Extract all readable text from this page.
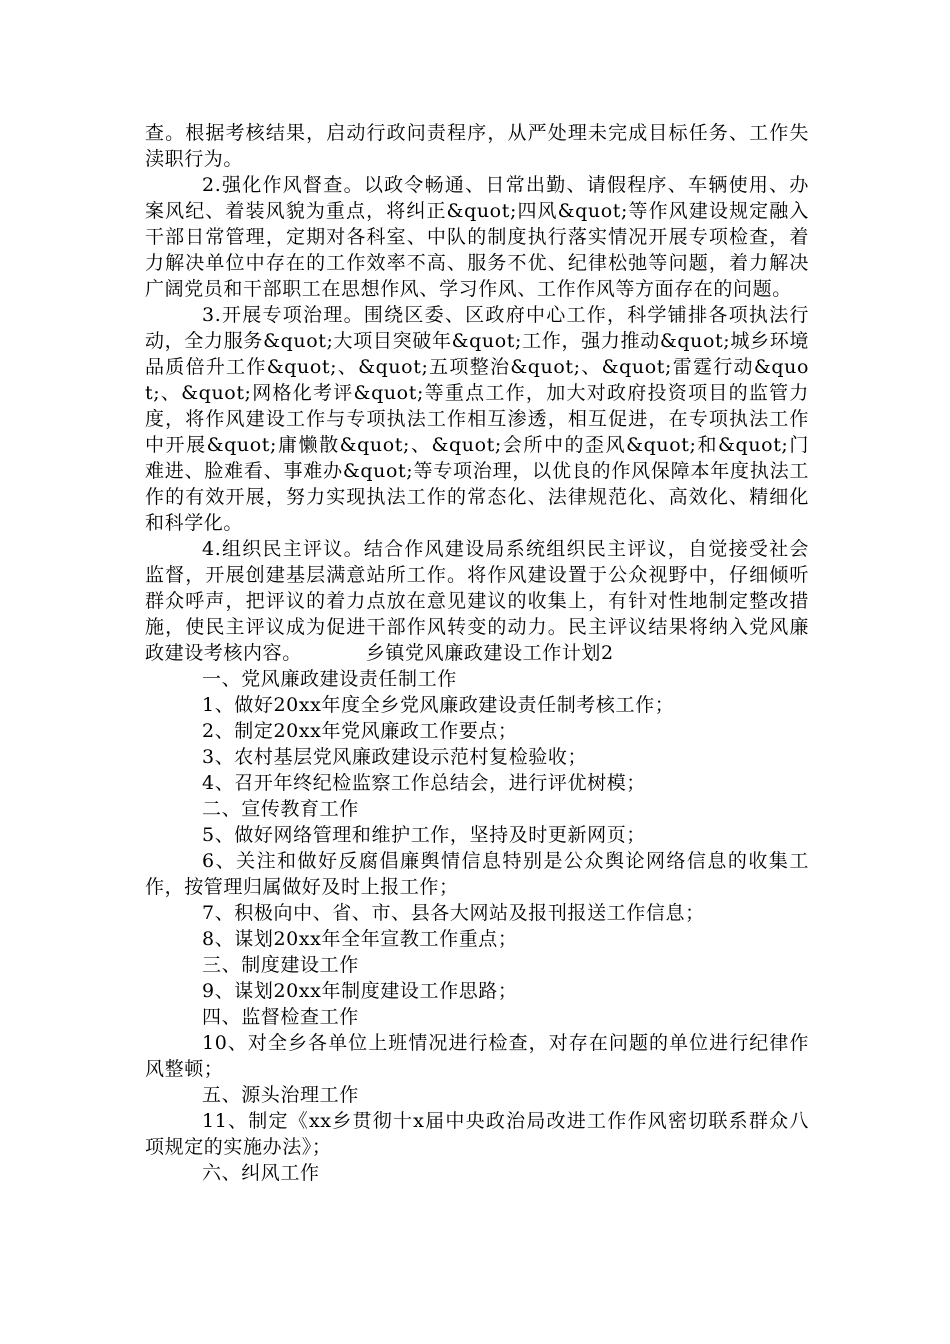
查。根据考核结果，启动行政问责程序，从严处理未完成目标任务、工作失渎职行为。

2.强化作风督查。以政令畅通、日常出勤、请假程序、车辆使用、办案风纪、着装风貌为重点，将纠正&quot;四风&quot;等作风建设规定融入干部日常管理，定期对各科室、中队的制度执行落实情况开展专项检查，着力解决单位中存在的工作效率不高、服务不优、纪律松弛等问题，着力解决广阔党员和干部职工在思想作风、学习作风、工作作风等方面存在的问题。

3.开展专项治理。围绕区委、区政府中心工作，科学铺排各项执法行动，全力服务&quot;大项目突破年&quot;工作，强力推动&quot;城乡环境品质倍升工作&quot;、&quot;五项整治&quot;、&quot;雷霆行动&quot;、&quot;网格化考评&quot;等重点工作，加大对政府投资项目的监管力度，将作风建设工作与专项执法工作相互渗透，相互促进，在专项执法工作中开展&quot;庸懒散&quot;、&quot;会所中的歪风&quot;和&quot;门难进、脸难看、事难办&quot;等专项治理，以优良的作风保障本年度执法工作的有效开展，努力实现执法工作的常态化、法律规范化、高效化、精细化和科学化。

4.组织民主评议。结合作风建设局系统组织民主评议，自觉接受社会监督，开展创建基层满意站所工作。将作风建设置于公众视野中，仔细倾听群众呼声，把评议的着力点放在意见建议的收集上，有针对性地制定整改措施，使民主评议成为促进干部作风转变的动力。民主评议结果将纳入党风廉政建设考核内容。	乡镇党风廉政建设工作计划2

一、党风廉政建设责任制工作

1、做好20xx年度全乡党风廉政建设责任制考核工作；

2、制定20xx年党风廉政工作要点；

3、农村基层党风廉政建设示范村复检验收；

4、召开年终纪检监察工作总结会，进行评优树模；

二、宣传教育工作

5、做好网络管理和维护工作，坚持及时更新网页；

6、关注和做好反腐倡廉舆情信息特别是公众舆论网络信息的收集工作，按管理归属做好及时上报工作；

7、积极向中、省、市、县各大网站及报刊报送工作信息；

8、谋划20xx年全年宣教工作重点；

三、制度建设工作

9、谋划20xx年制度建设工作思路；

四、监督检查工作

10、对全乡各单位上班情况进行检查，对存在问题的单位进行纪律作风整顿；

五、源头治理工作

11、制定《xx乡贯彻十x届中央政治局改进工作作风密切联系群众八项规定的实施办法》；

六、纠风工作
